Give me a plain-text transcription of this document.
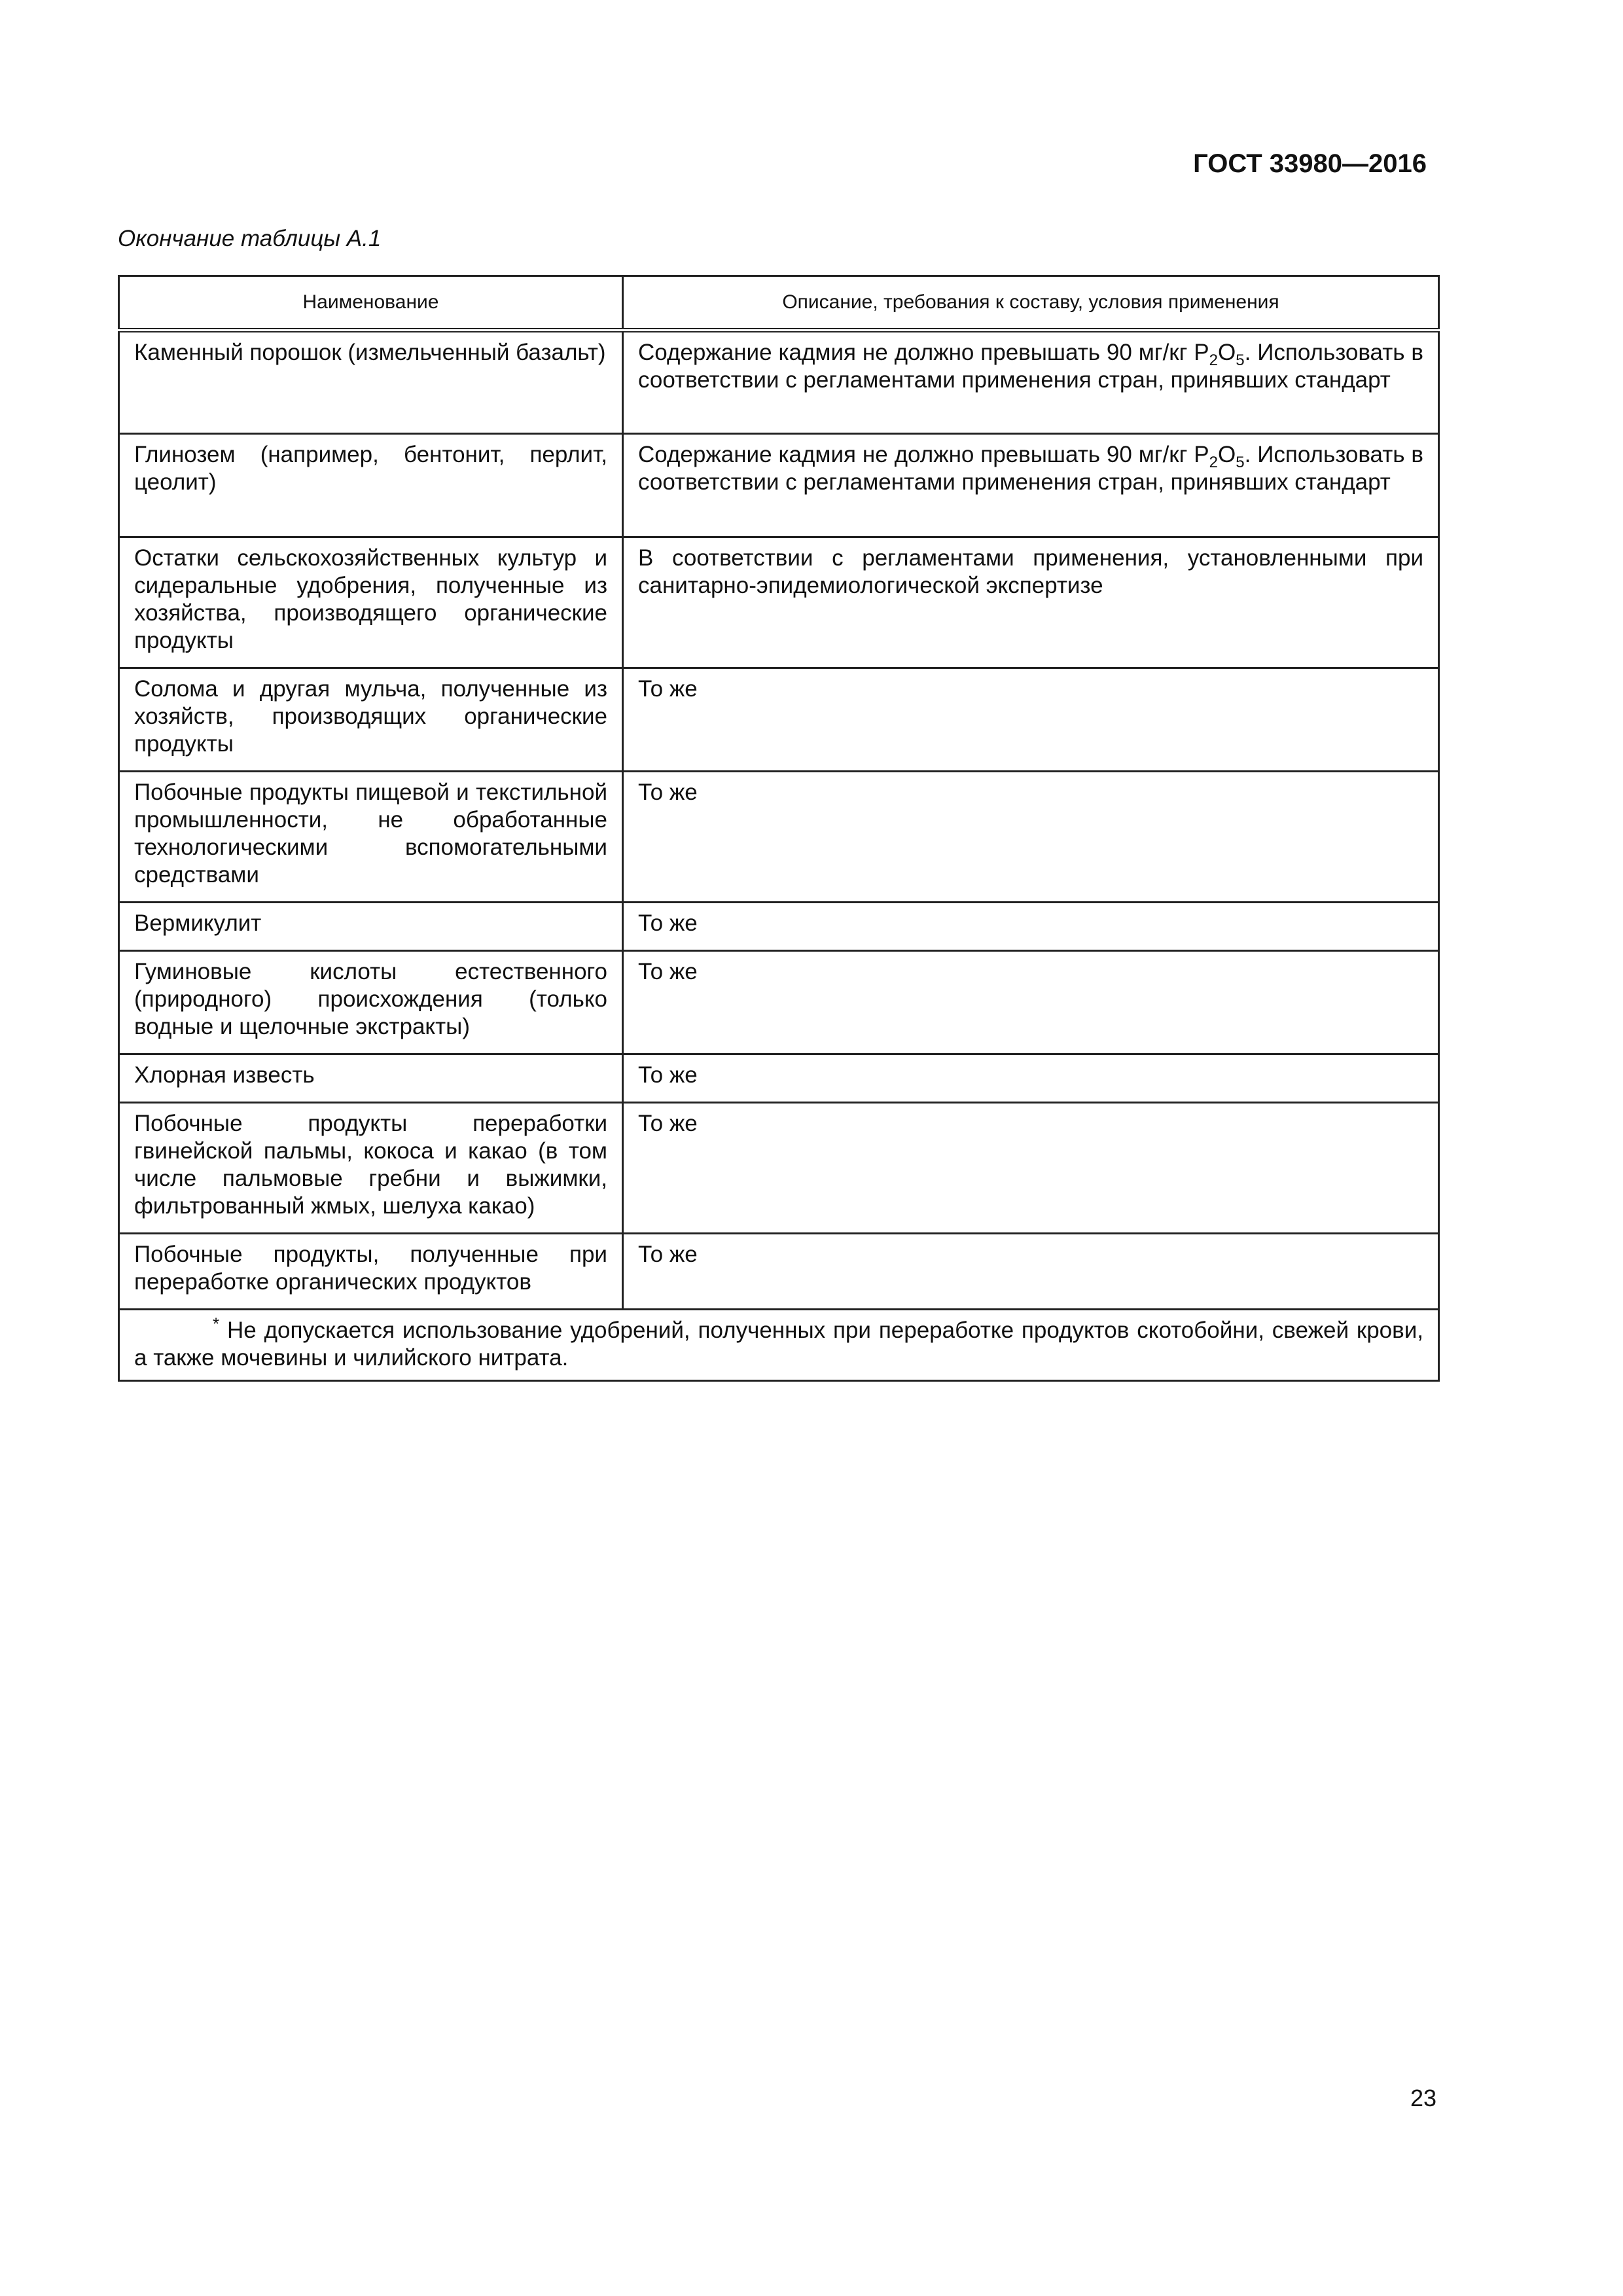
ГОСТ 33980—2016
Окончание таблицы А.1
Наименование	Описание, требования к составу, условия применения
Каменный порошок (измельченный базальт)	Содержание кадмия не должно превышать 90 мг/кг $P_2O_5$. Использовать в соответствии с регламентами применения стран, принявших стандарт
Глинозем (например, бентонит, перлит, цеолит)	Содержание кадмия не должно превышать 90 мг/кг $P_2O_5$. Использовать в соответствии с регламентами применения стран, принявших стандарт
Остатки сельскохозяйственных культур и сидеральные удобрения, полученные из хозяйства, производящего органические продукты	В соответствии с регламентами применения, установленными при санитарно-эпидемиологической экспертизе
Солома и другая мульча, полученные из хозяйств, производящих органические продукты	То же
Побочные продукты пищевой и текстильной промышленности, не обработанные технологическими вспомогательными средствами	То же
Вермикулит	То же
Гуминовые кислоты естественного (природного) происхождения (только водные и щелочные экстракты)	То же
Хлорная известь	То же
Побочные продукты переработки гвинейской пальмы, кокоса и какао (в том числе пальмовые гребни и выжимки, фильтрованный жмых, шелуха какао)	То же
Побочные продукты, полученные при переработке органических продуктов	То же
* Не допускается использование удобрений, полученных при переработке продуктов скотобойни, свежей крови, а также мочевины и чилийского нитрата.	
23
